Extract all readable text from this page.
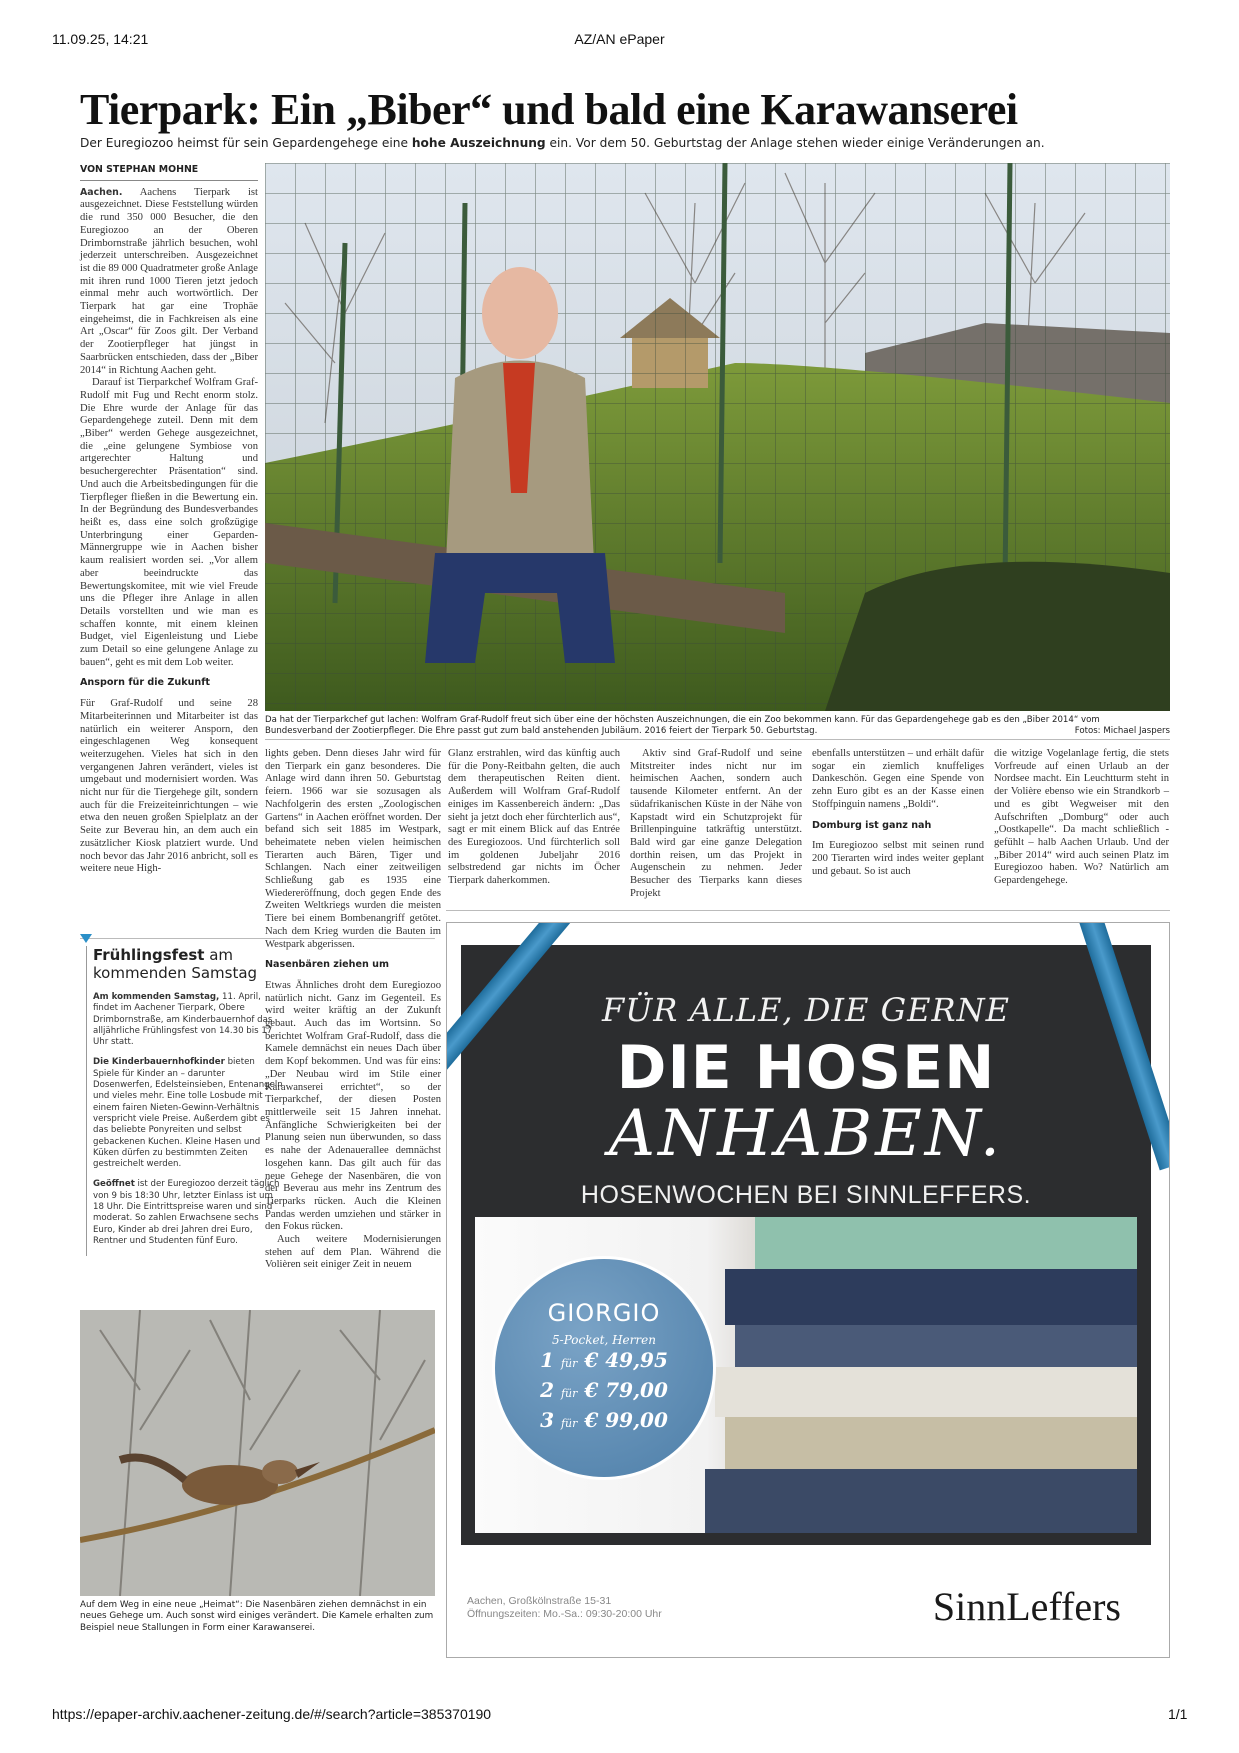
11.09.25, 14:21	AZ/AN ePaper
https://epaper-archiv.aachener-zeitung.de/#/search?article=385370190	1/1
Tierpark: Ein „Biber“ und bald eine Karawanserei
Der Euregiozoo heimst für sein Gepardengehege eine hohe Auszeichnung ein. Vor dem 50. Geburtstag der Anlage stehen wieder einige Veränderungen an.
VON STEPHAN MOHNE

Aachen. Aachens Tierpark ist ausgezeichnet. Diese Feststellung würden die rund 350 000 Besucher, die den Euregiozoo an der Oberen Drimbornstraße jährlich besuchen, wohl jederzeit unterschreiben. Ausgezeichnet ist die 89 000 Quadratmeter große Anlage mit ihren rund 1000 Tieren jetzt jedoch einmal mehr auch wortwörtlich. Der Tierpark hat gar eine Trophäe eingeheimst, die in Fachkreisen als eine Art „Oscar“ für Zoos gilt. Der Verband der Zootierpfleger hat jüngst in Saarbrücken entschieden, dass der „Biber 2014“ in Richtung Aachen geht.

Darauf ist Tierparkchef Wolfram Graf-Rudolf mit Fug und Recht enorm stolz. Die Ehre wurde der Anlage für das Gepardengehege zuteil. Denn mit dem „Biber“ werden Gehege ausgezeichnet, die „eine gelungene Symbiose von artgerechter Haltung und besuchergerechter Präsentation“ sind. Und auch die Arbeitsbedingungen für die Tierpfleger fließen in die Bewertung ein. In der Begründung des Bundesverbandes heißt es, dass eine solch großzügige Unterbringung einer Geparden-Männergruppe wie in Aachen bisher kaum realisiert worden sei. „Vor allem aber beeindruckte das Bewertungskomitee, mit wie viel Freude uns die Pfleger ihre Anlage in allen Details vorstellten und wie man es schaffen konnte, mit einem kleinen Budget, viel Eigenleistung und Liebe zum Detail so eine gelungene Anlage zu bauen“, geht es mit dem Lob weiter.

Ansporn für die Zukunft

Für Graf-Rudolf und seine 28 Mitarbeiterinnen und Mitarbeiter ist das natürlich ein weiterer Ansporn, den eingeschlagenen Weg konsequent weiterzugehen. Vieles hat sich in den vergangenen Jahren verändert, vieles ist umgebaut und modernisiert worden. Was nicht nur für die Tiergehege gilt, sondern auch für die Freizeiteinrichtungen – wie etwa den neuen großen Spielplatz an der Seite zur Beverau hin, an dem auch ein zusätzlicher Kiosk platziert wurde. Und noch bevor das Jahr 2016 anbricht, soll es weitere neue High-

Da hat der Tierparkchef gut lachen: Wolfram Graf-Rudolf freut sich über eine der höchsten Auszeichnungen, die ein Zoo bekommen kann. Für das Gepardengehege gab es den „Biber 2014“ vom Bundesverband der Zootierpfleger. Die Ehre passt gut zum bald anstehenden Jubiläum. 2016 feiert der Tierpark 50. Geburtstag.	Fotos: Michael Jaspers

lights geben. Denn dieses Jahr wird für den Tierpark ein ganz besonderes. Die Anlage wird dann ihren 50. Geburtstag feiern. 1966 war sie sozusagen als Nachfolgerin des ersten „Zoologischen Gartens“ in Aachen eröffnet worden. Der befand sich seit 1885 im Westpark, beheimatete neben vielen heimischen Tierarten auch Bären, Tiger und Schlangen. Nach einer zeitweiligen Schließung gab es 1935 eine Wiedereröffnung, doch gegen Ende des Zweiten Weltkriegs wurden die meisten Tiere bei einem Bombenangriff getötet. Nach dem Krieg wurden die Bauten im Westpark abgerissen.

Nasenbären ziehen um

Etwas Ähnliches droht dem Euregiozoo natürlich nicht. Ganz im Gegenteil. Es wird weiter kräftig an der Zukunft gebaut. Auch das im Wortsinn. So berichtet Wolfram Graf-Rudolf, dass die Kamele demnächst ein neues Dach über dem Kopf bekommen. Und was für eins: „Der Neubau wird im Stile einer Karawanserei errichtet“, so der Tierparkchef, der diesen Posten mittlerweile seit 15 Jahren innehat. Anfängliche Schwierigkeiten bei der Planung seien nun überwunden, so dass es nahe der Adenauerallee demnächst losgehen kann. Das gilt auch für das neue Gehege der Nasenbären, die von der Beverau aus mehr ins Zentrum des Tierparks rücken. Auch die Kleinen Pandas werden umziehen und stärker in den Fokus rücken.

Auch weitere Modernisierungen stehen auf dem Plan. Während die Volièren seit einiger Zeit in neuem

Glanz erstrahlen, wird das künftig auch für die Pony-Reitbahn gelten, die auch dem therapeutischen Reiten dient. Außerdem will Wolfram Graf-Rudolf einiges im Kassenbereich ändern: „Das sieht ja jetzt doch eher fürchterlich aus“, sagt er mit einem Blick auf das Entrée des Euregiozoos. Und fürchterlich soll im goldenen Jubeljahr 2016 selbstredend gar nichts im Öcher Tierpark daherkommen.

Aktiv sind Graf-Rudolf und seine Mitstreiter indes nicht nur im heimischen Aachen, sondern auch tausende Kilometer entfernt. An der südafrikanischen Küste in der Nähe von Kapstadt wird ein Schutzprojekt für Brillenpinguine tatkräftig unterstützt. Bald wird gar eine ganze Delegation dorthin reisen, um das Projekt in Augenschein zu nehmen. Jeder Besucher des Tierparks kann dieses Projekt

ebenfalls unterstützen – und erhält dafür sogar ein ziemlich knuffeliges Dankeschön. Gegen eine Spende von zehn Euro gibt es an der Kasse einen Stoffpinguin namens „Boldi“.

Domburg ist ganz nah

Im Euregiozoo selbst mit seinen rund 200 Tierarten wird indes weiter geplant und gebaut. So ist auch

die witzige Vogelanlage fertig, die stets Vorfreude auf einen Urlaub an der Nordsee macht. Ein Leuchtturm steht in der Volière ebenso wie ein Strandkorb – und es gibt Wegweiser mit den Aufschriften „Domburg“ oder auch „Oostkapelle“. Da macht schließlich - gefühlt – halb Aachen Urlaub. Und der „Biber 2014“ wird auch seinen Platz im Euregiozoo haben. Wo? Natürlich am Gepardengehege.

Frühlingsfest am kommenden Samstag
Am kommenden Samstag, 11. April, findet im Aachener Tierpark, Obere Drimbornstraße, am Kinderbauernhof das alljährliche Frühlingsfest von 14.30 bis 17 Uhr statt.
Die Kinderbauernhofkinder bieten Spiele für Kinder an – darunter Dosenwerfen, Edelsteinsieben, Entenangeln und vieles mehr. Eine tolle Losbude mit einem fairen Nieten-Gewinn-Verhältnis verspricht viele Preise. Außerdem gibt es das beliebte Ponyreiten und selbst gebackenen Kuchen. Kleine Hasen und Küken dürfen zu bestimmten Zeiten gestreichelt werden.
Geöffnet ist der Euregiozoo derzeit täglich von 9 bis 18:30 Uhr, letzter Einlass ist um 18 Uhr. Die Eintrittspreise waren und sind moderat. So zahlen Erwachsene sechs Euro, Kinder ab drei Jahren drei Euro, Rentner und Studenten fünf Euro.
Auf dem Weg in eine neue „Heimat“: Die Nasenbären ziehen demnächst in ein neues Gehege um. Auch sonst wird einiges verändert. Die Kamele erhalten zum Beispiel neue Stallungen in Form einer Karawanserei.
FÜR ALLE, DIE GERNE
DIE HOSEN
ANHABEN.
HOSENWOCHEN BEI SINNLEFFERS.
GIORGIO
5-Pocket, Herren
1 für € 49,95
2 für € 79,00
3 für € 99,00
Aachen, Großkölnstraße 15-31
Öffnungszeiten: Mo.-Sa.: 09:30-20:00 Uhr	SinnLeffers
